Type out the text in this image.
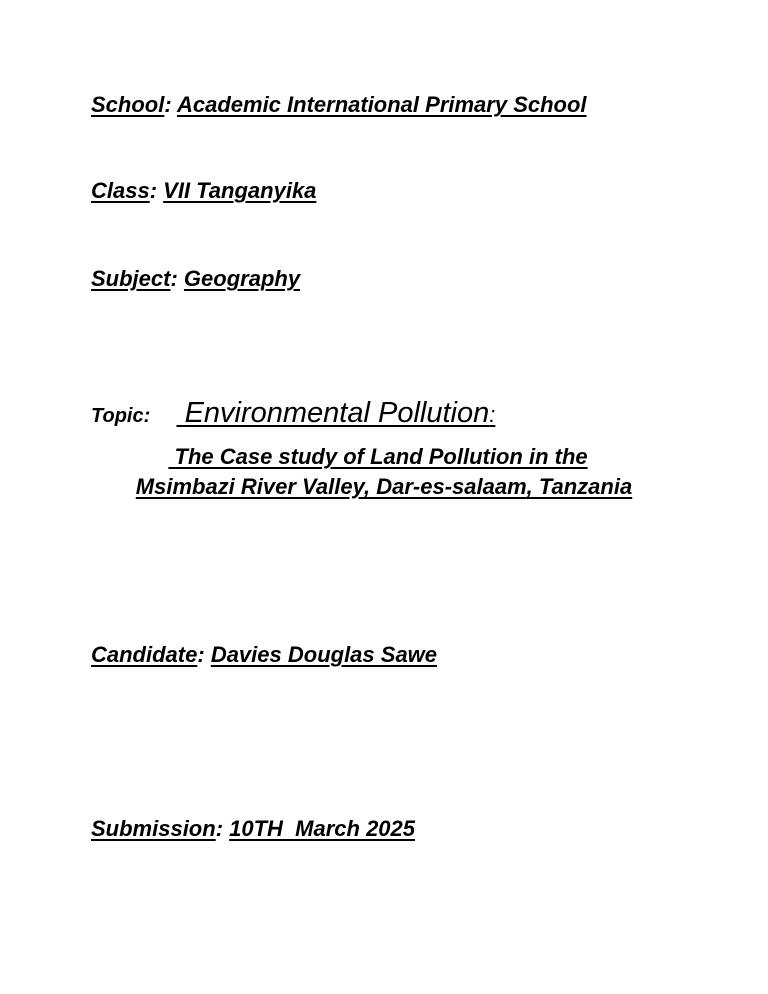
School: Academic International Primary School
Class: VII Tanganyika
Subject: Geography
Topic: Environmental Pollution:
The Case study of Land Pollution in the
Msimbazi River Valley, Dar-es-salaam, Tanzania
Candidate: Davies Douglas Sawe
Submission: 10TH  March 2025
